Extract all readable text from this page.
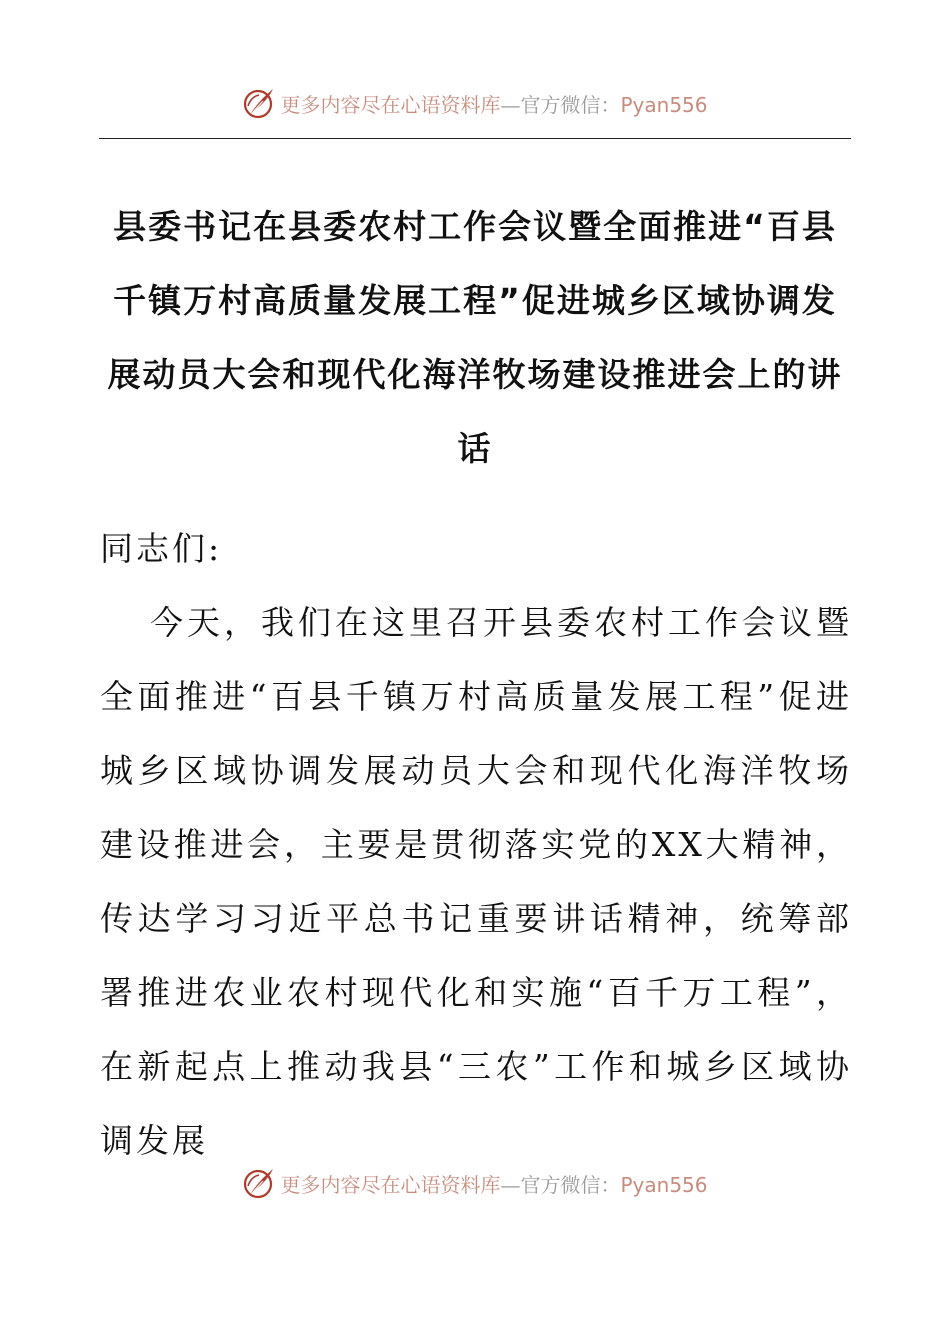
更多内容尽在心语资料库—官方微信：Pyan556
县委书记在县委农村工作会议暨全面推进“百县千镇万村高质量发展工程”促进城乡区域协调发展动员大会和现代化海洋牧场建设推进会上的讲话

同志们:

今天，我们在这里召开县委农村工作会议暨全面推进“百县千镇万村高质量发展工程”促进城乡区域协调发展动员大会和现代化海洋牧场建设推进会，主要是贯彻落实党的XX大精神，传达学习习近平总书记重要讲话精神，统筹部署推进农业农村现代化和实施“百千万工程”，在新起点上推动我县“三农”工作和城乡区域协调发展

更多内容尽在心语资料库—官方微信：Pyan556
